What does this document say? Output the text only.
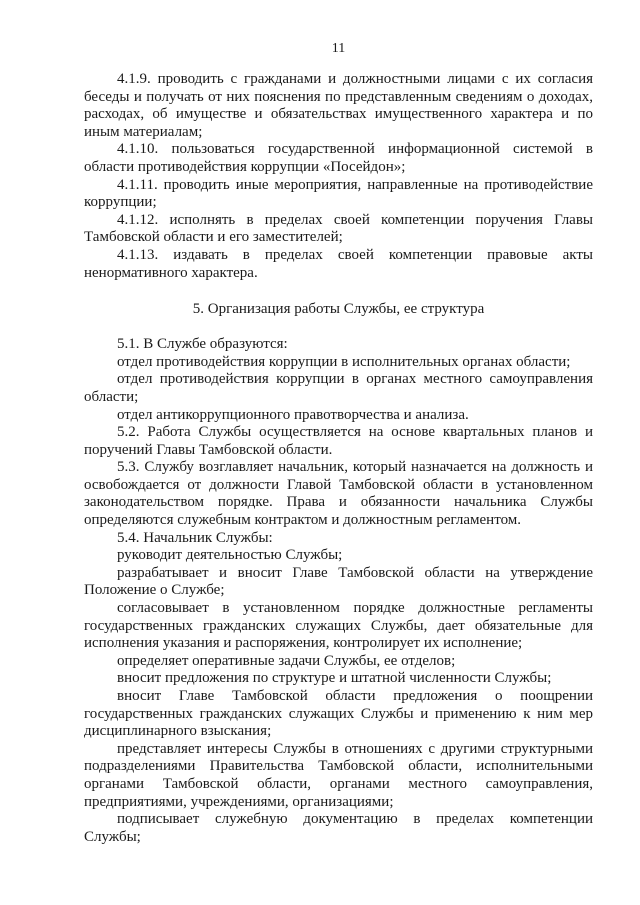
11

4.1.9. проводить с гражданами и должностными лицами с их согласия беседы и получать от них пояснения по представленным сведениям о доходах, расходах, об имуществе и обязательствах имущественного характера и по иным материалам;

4.1.10. пользоваться государственной информационной системой в области противодействия коррупции «Посейдон»;

4.1.11. проводить иные мероприятия, направленные на противодействие коррупции;

4.1.12. исполнять в пределах своей компетенции поручения Главы Тамбовской области и его заместителей;

4.1.13. издавать в пределах своей компетенции правовые акты ненормативного характера.

5. Организация работы Службы, ее структура

5.1. В Службе образуются:

отдел противодействия коррупции в исполнительных органах области;

отдел противодействия коррупции в органах местного самоуправления области;

отдел антикоррупционного правотворчества и анализа.

5.2. Работа Службы осуществляется на основе квартальных планов и поручений Главы Тамбовской области.

5.3. Службу возглавляет начальник, который назначается на должность и освобождается от должности Главой Тамбовской области в установленном законодательством порядке. Права и обязанности начальника Службы определяются служебным контрактом и должностным регламентом.

5.4. Начальник Службы:

руководит деятельностью Службы;

разрабатывает и вносит Главе Тамбовской области на утверждение Положение о Службе;

согласовывает в установленном порядке должностные регламенты государственных гражданских служащих Службы, дает обязательные для исполнения указания и распоряжения, контролирует их исполнение;

определяет оперативные задачи Службы, ее отделов;

вносит предложения по структуре и штатной численности Службы;

вносит Главе Тамбовской области предложения о поощрении государственных гражданских служащих Службы и применению к ним мер дисциплинарного взыскания;

представляет интересы Службы в отношениях с другими структурными подразделениями Правительства Тамбовской области, исполнительными органами Тамбовской области, органами местного самоуправления, предприятиями, учреждениями, организациями;

подписывает служебную документацию в пределах компетенции Службы;
